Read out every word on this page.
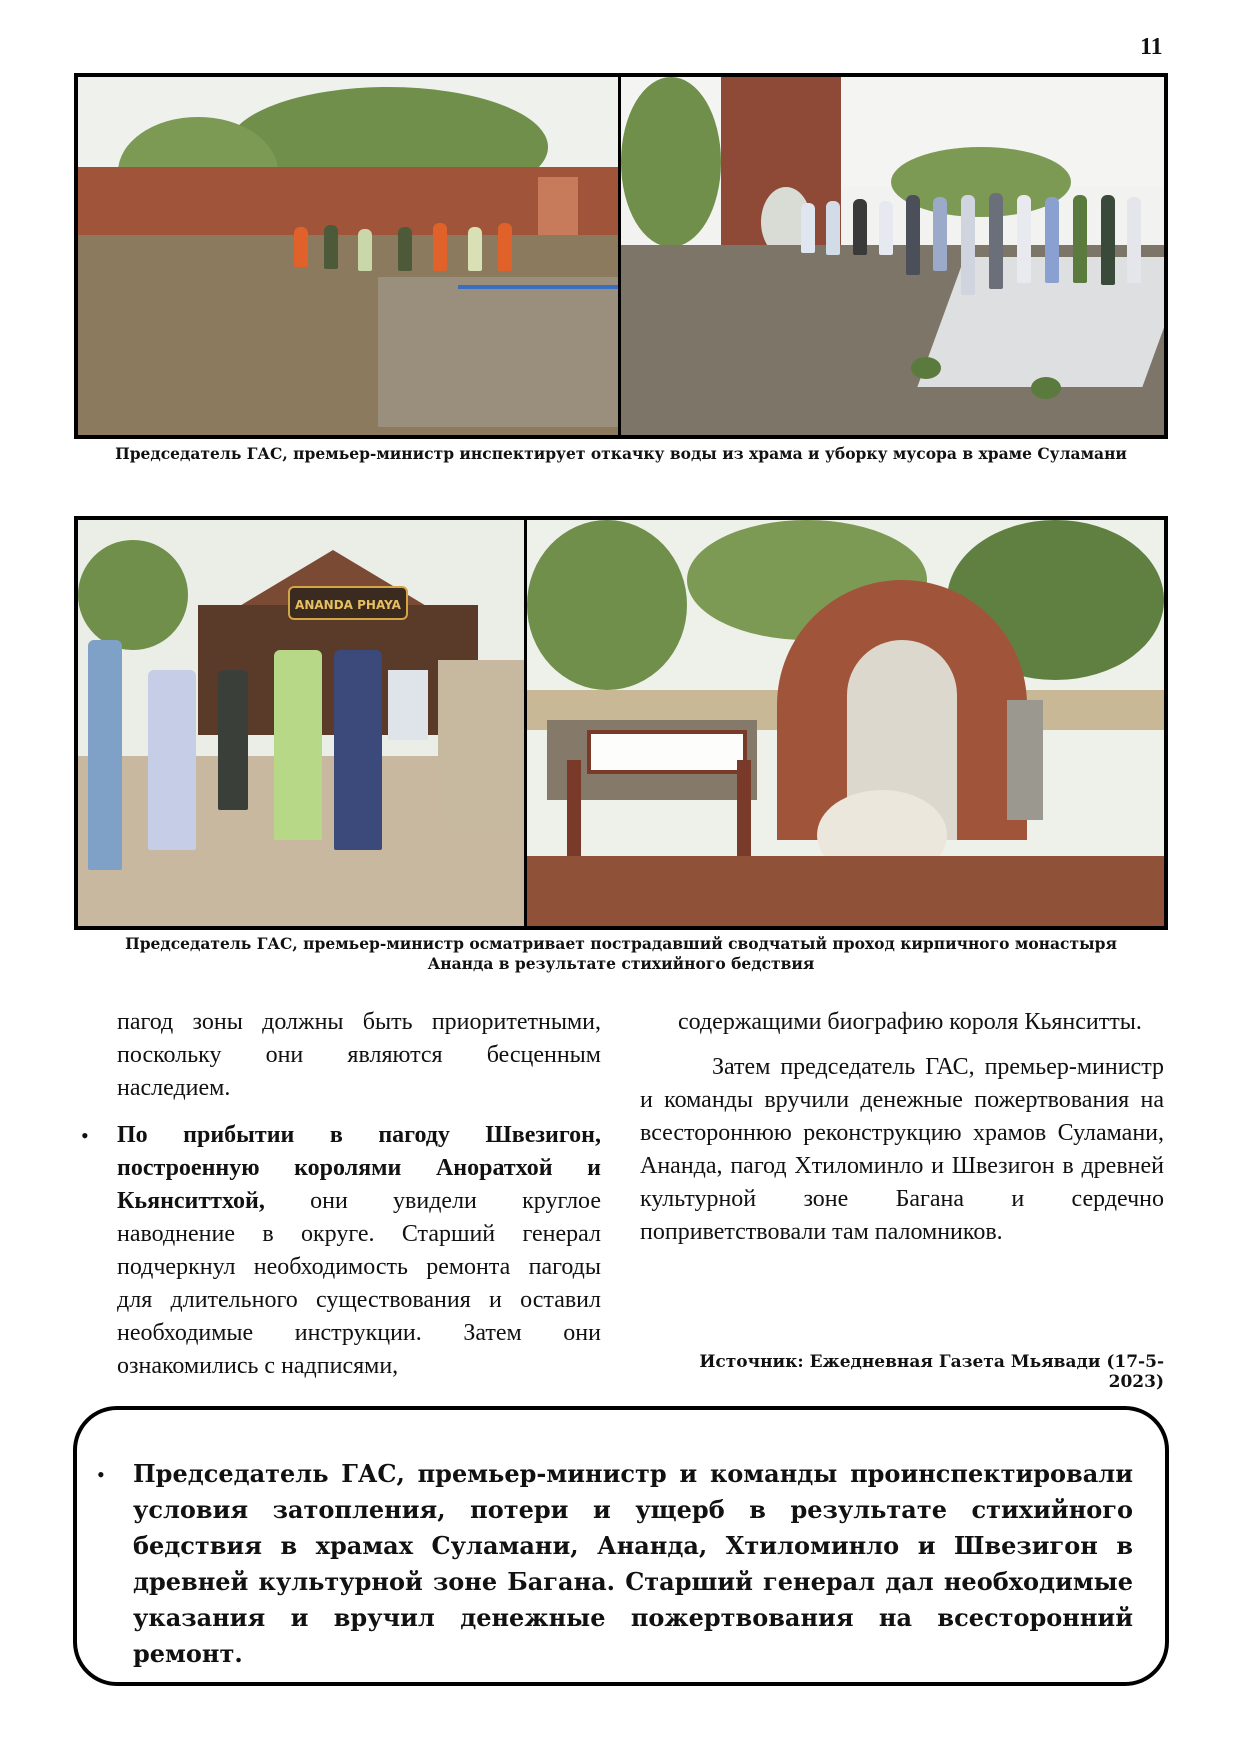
11
Председатель ГАС, премьер-министр инспектирует откачку воды из храма и уборку мусора в храме Суламани
ANANDA PHAYA
Председатель ГАС, премьер-министр осматривает пострадавший сводчатый проход кирпичного монастыря
Ананда в результате стихийного бедствия

пагод зоны должны быть приоритетными, поскольку они являются бесценным наследием.

• По прибытии в пагоду Швезигон, построенную королями Аноратхой и Кьянситтхой, они увидели круглое наводнение в округе. Старший генерал подчеркнул необходимость ремонта пагоды для длительного существования и оставил необходимые инструкции. Затем они ознакомились с надписями,

содержащими биографию короля Кьянситты.

Затем председатель ГАС, премьер-министр и команды вручили денежные пожертвования на всестороннюю реконструкцию храмов Суламани, Ананда, пагод Хтиломинло и Швезигон в древней культурной зоне Багана и сердечно поприветствовали там паломников.

Источник: Ежедневная Газета Мьявади (17-5-2023)
• Председатель ГАС, премьер-министр и команды проинспектировали условия затопления, потери и ущерб в результате стихийного бедствия в храмах Суламани, Ананда, Хтиломинло и Швезигон в древней культурной зоне Багана. Старший генерал дал необходимые указания и вручил денежные пожертвования на всесторонний ремонт.
